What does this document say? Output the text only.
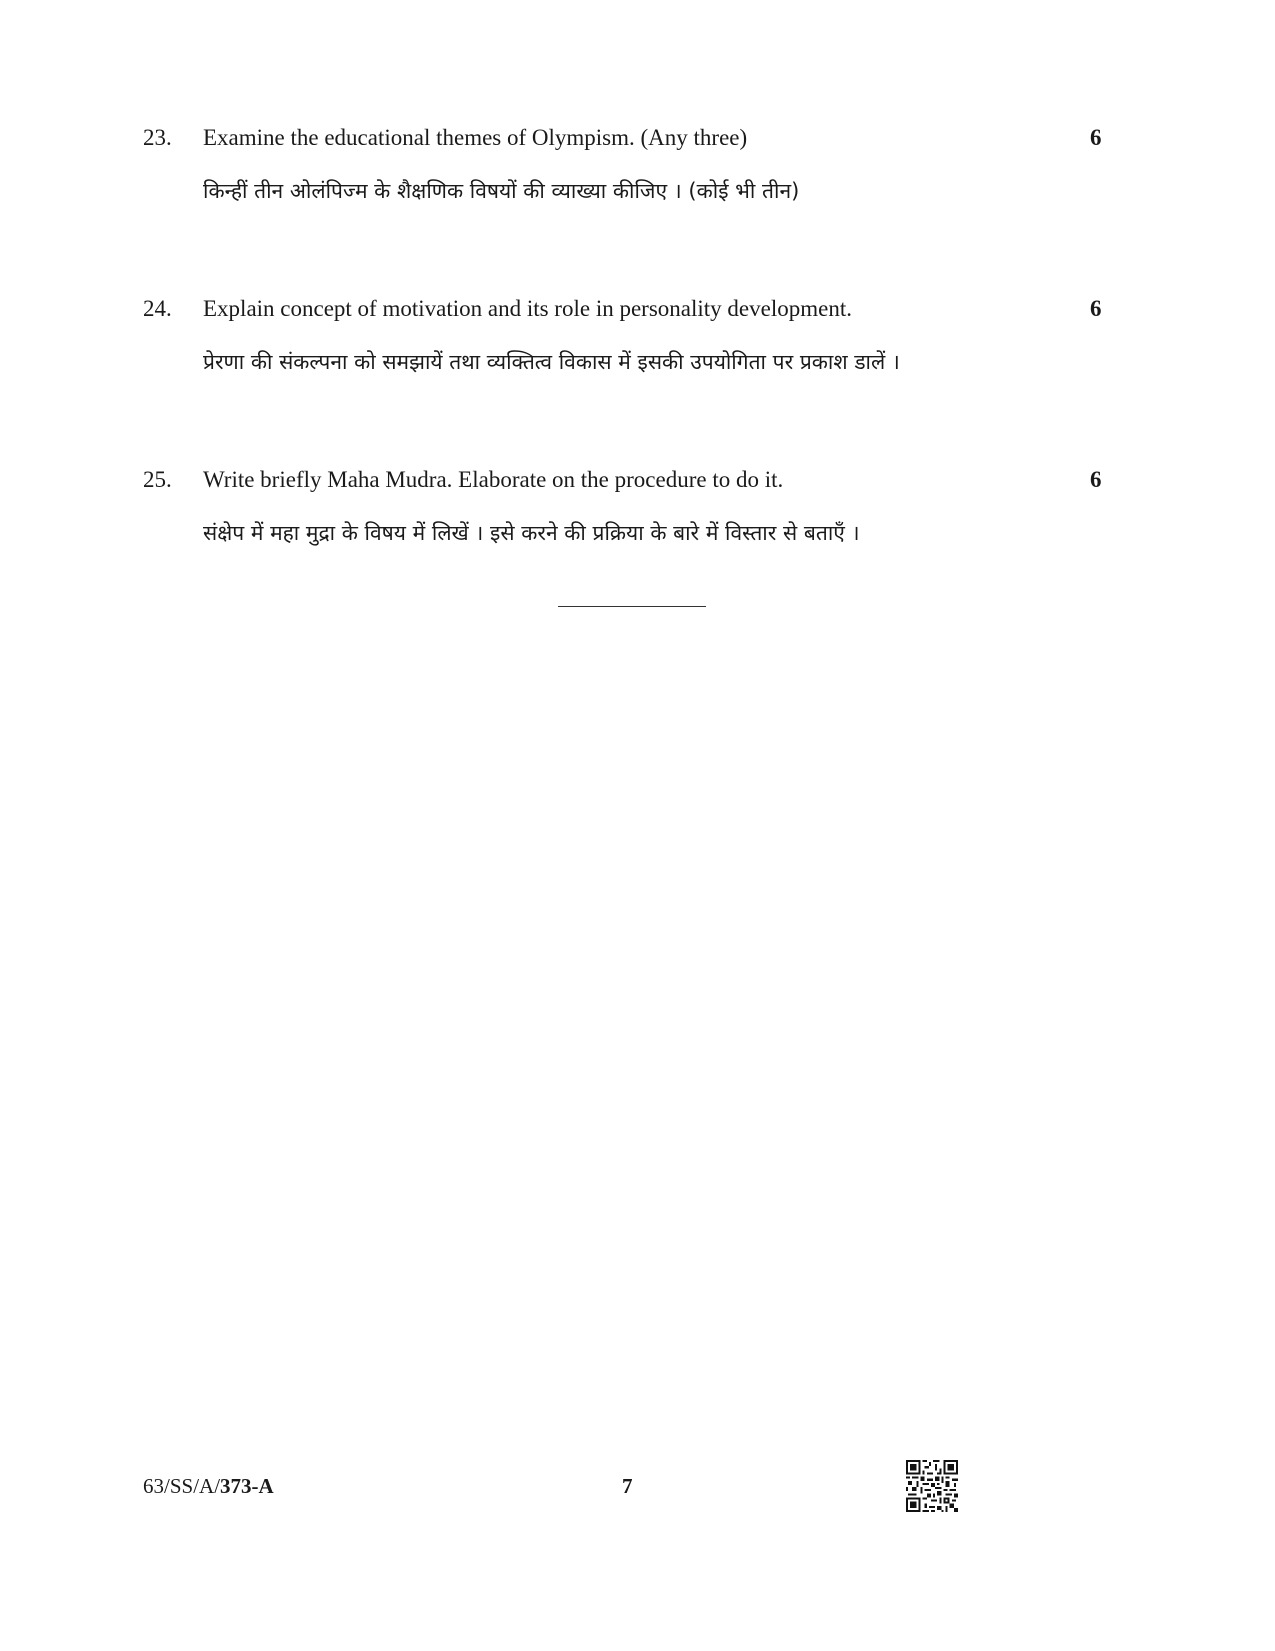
23. Examine the educational themes of Olympism. (Any three)	6
किन्हीं तीन ओलंपिज्म के शैक्षणिक विषयों की व्याख्या कीजिए । (कोई भी तीन)
24. Explain concept of motivation and its role in personality development.	6
प्रेरणा की संकल्पना को समझायें तथा व्यक्तित्व विकास में इसकी उपयोगिता पर प्रकाश डालें ।
25. Write briefly Maha Mudra. Elaborate on the procedure to do it.	6
संक्षेप में महा मुद्रा के विषय में लिखें । इसे करने की प्रक्रिया के बारे में विस्तार से बताएँ ।
63/SS/A/373-A	7
